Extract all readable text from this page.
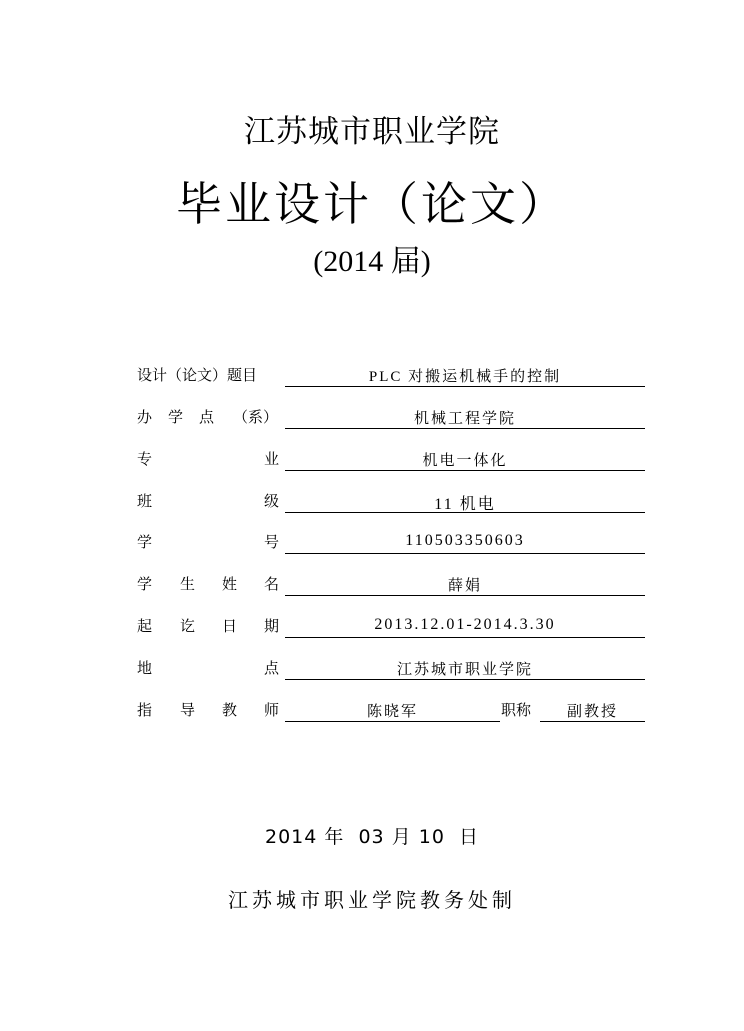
江苏城市职业学院
毕业设计（论文）
(2014 届)
设计（论文）题目	PLC 对搬运机械手的控制
办 学 点 （系）	机械工程学院
专	业	机电一体化
班	级	11 机电
学	号	110503350603
学 生 姓 名	薛娟
起 讫 日 期	2013.12.01-2014.3.30
地	点	江苏城市职业学院
指 导 教 师	陈晓军	职称	副教授
2014 年  03 月 10  日
江苏城市职业学院教务处制
